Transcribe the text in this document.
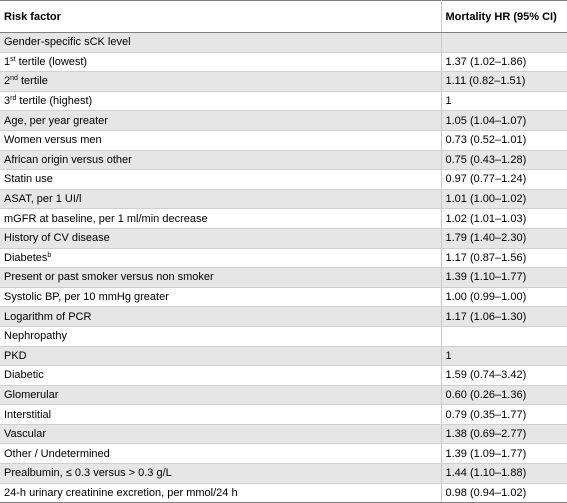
Risk factor	Mortality HR (95% CI)
Gender-specific sCK level	
1st tertile (lowest)	1.37 (1.02–1.86)
2nd tertile	1.11 (0.82–1.51)
3rd tertile (highest)	1
Age, per year greater	1.05 (1.04–1.07)
Women versus men	0.73 (0.52–1.01)
African origin versus other	0.75 (0.43–1.28)
Statin use	0.97 (0.77–1.24)
ASAT, per 1 UI/l	1.01 (1.00–1.02)
mGFR at baseline, per 1 ml/min decrease	1.02 (1.01–1.03)
History of CV disease	1.79 (1.40–2.30)
Diabetes$^b$	1.17 (0.87–1.56)
Present or past smoker versus non smoker	1.39 (1.10–1.77)
Systolic BP, per 10 mmHg greater	1.00 (0.99–1.00)
Logarithm of PCR	1.17 (1.06–1.30)
Nephropathy	
PKD	1
Diabetic	1.59 (0.74–3.42)
Glomerular	0.60 (0.26–1.36)
Interstitial	0.79 (0.35–1.77)
Vascular	1.38 (0.69–2.77)
Other / Undetermined	1.39 (1.09–1.77)
Prealbumin, ≤ 0.3 versus > 0.3 g/L	1.44 (1.10–1.88)
24-h urinary creatinine excretion, per mmol/24 h	0.98 (0.94–1.02)
